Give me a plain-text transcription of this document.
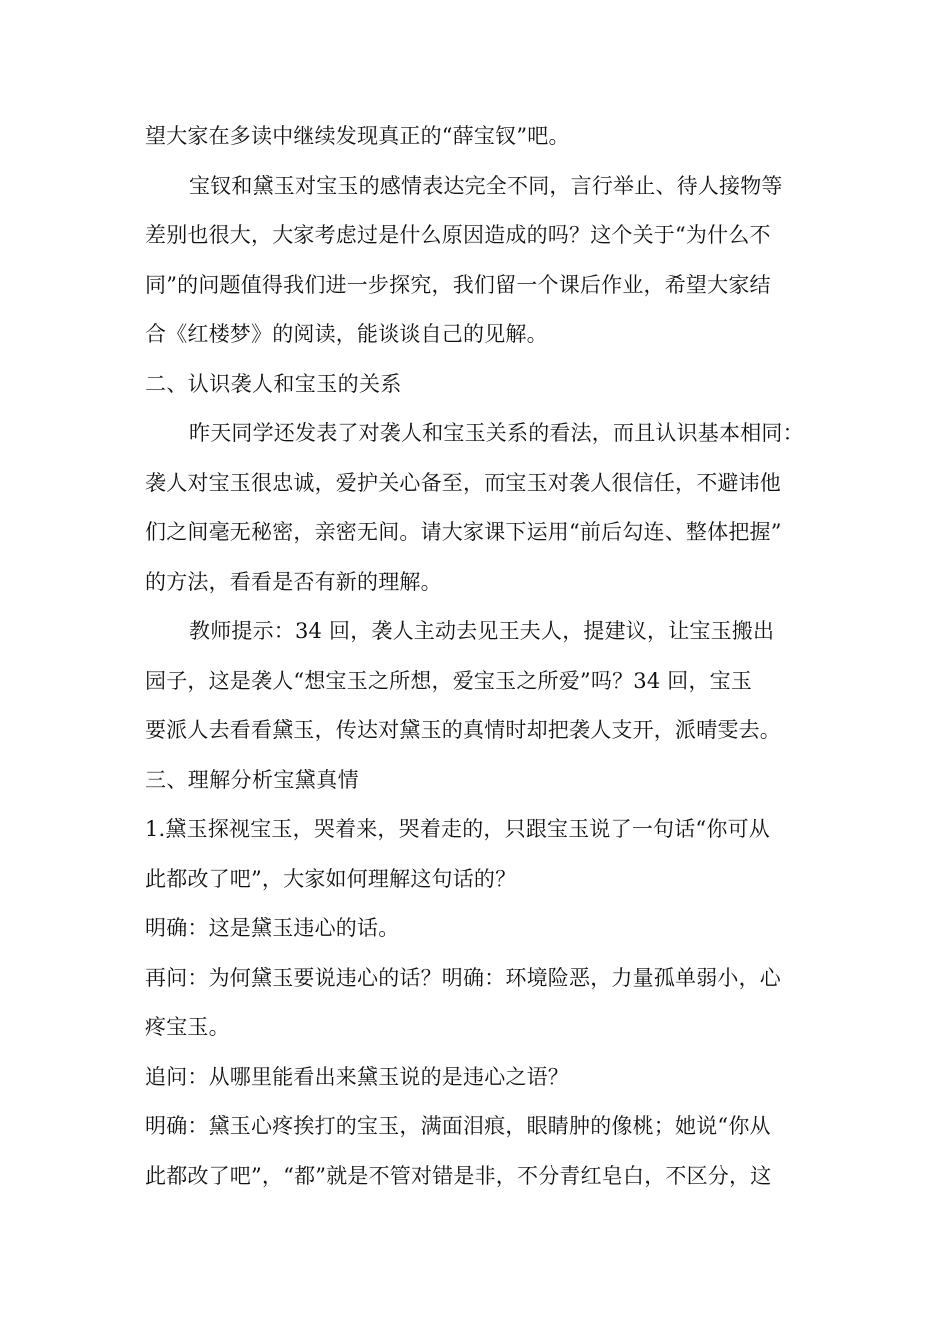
望大家在多读中继续发现真正的“薛宝钗”吧。
宝钗和黛玉对宝玉的感情表达完全不同，言行举止、待人接物等
差别也很大，大家考虑过是什么原因造成的吗？这个关于“为什么不
同”的问题值得我们进一步探究，我们留一个课后作业，希望大家结
合《红楼梦》的阅读，能谈谈自己的见解。
二、认识袭人和宝玉的关系
昨天同学还发表了对袭人和宝玉关系的看法，而且认识基本相同：
袭人对宝玉很忠诚，爱护关心备至，而宝玉对袭人很信任，不避讳他
们之间毫无秘密，亲密无间。请大家课下运用“前后勾连、整体把握”
的方法，看看是否有新的理解。
教师提示：34 回，袭人主动去见王夫人，提建议，让宝玉搬出
园子，这是袭人“想宝玉之所想，爱宝玉之所爱”吗？34 回，宝玉
要派人去看看黛玉，传达对黛玉的真情时却把袭人支开，派晴雯去。
三、理解分析宝黛真情
1.黛玉探视宝玉，哭着来，哭着走的，只跟宝玉说了一句话“你可从
此都改了吧”，大家如何理解这句话的？
明确：这是黛玉违心的话。
再问：为何黛玉要说违心的话？明确：环境险恶，力量孤单弱小，心
疼宝玉。
追问：从哪里能看出来黛玉说的是违心之语？
明确：黛玉心疼挨打的宝玉，满面泪痕，眼睛肿的像桃；她说“你从
此都改了吧”，“都”就是不管对错是非，不分青红皂白，不区分，这
